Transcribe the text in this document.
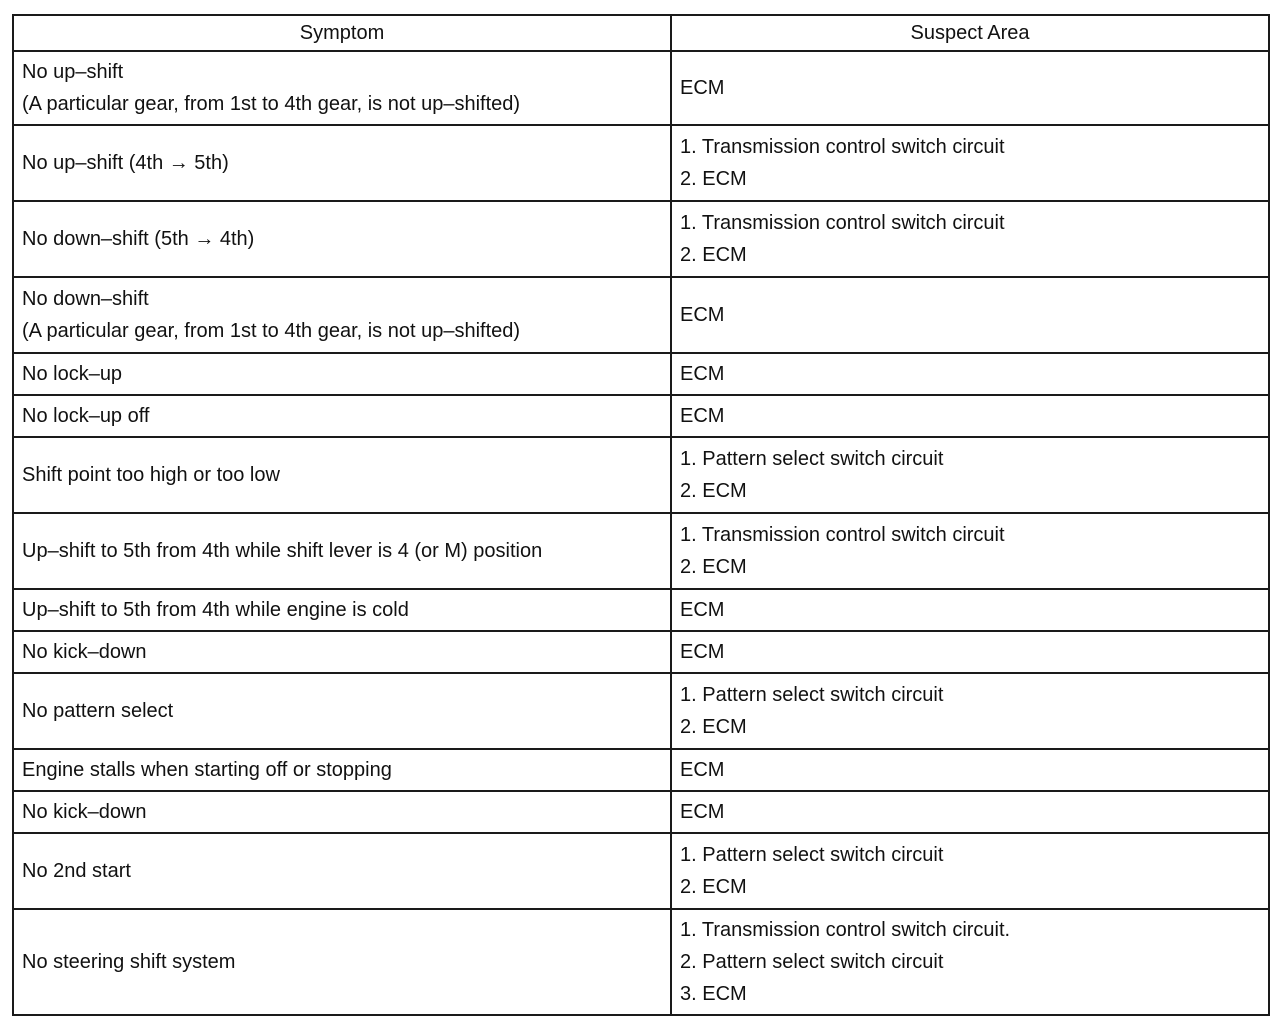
Symptom	Suspect Area

No up–shift
(A particular gear, from 1st to 4th gear, is not up–shifted)	ECM

No up–shift (4th → 5th)	1. Transmission control switch circuit
2. ECM

No down–shift (5th → 4th)	1. Transmission control switch circuit
2. ECM

No down–shift
(A particular gear, from 1st to 4th gear, is not up–shifted)	ECM

No lock–up	ECM

No lock–up off	ECM

Shift point too high or too low	1. Pattern select switch circuit
2. ECM

Up–shift to 5th from 4th while shift lever is 4 (or M) position	1. Transmission control switch circuit
2. ECM

Up–shift to 5th from 4th while engine is cold	ECM

No kick–down	ECM

No pattern select	1. Pattern select switch circuit
2. ECM

Engine stalls when starting off or stopping	ECM

No kick–down	ECM

No 2nd start	1. Pattern select switch circuit
2. ECM

No steering shift system	1. Transmission control switch circuit.
2. Pattern select switch circuit
3. ECM
